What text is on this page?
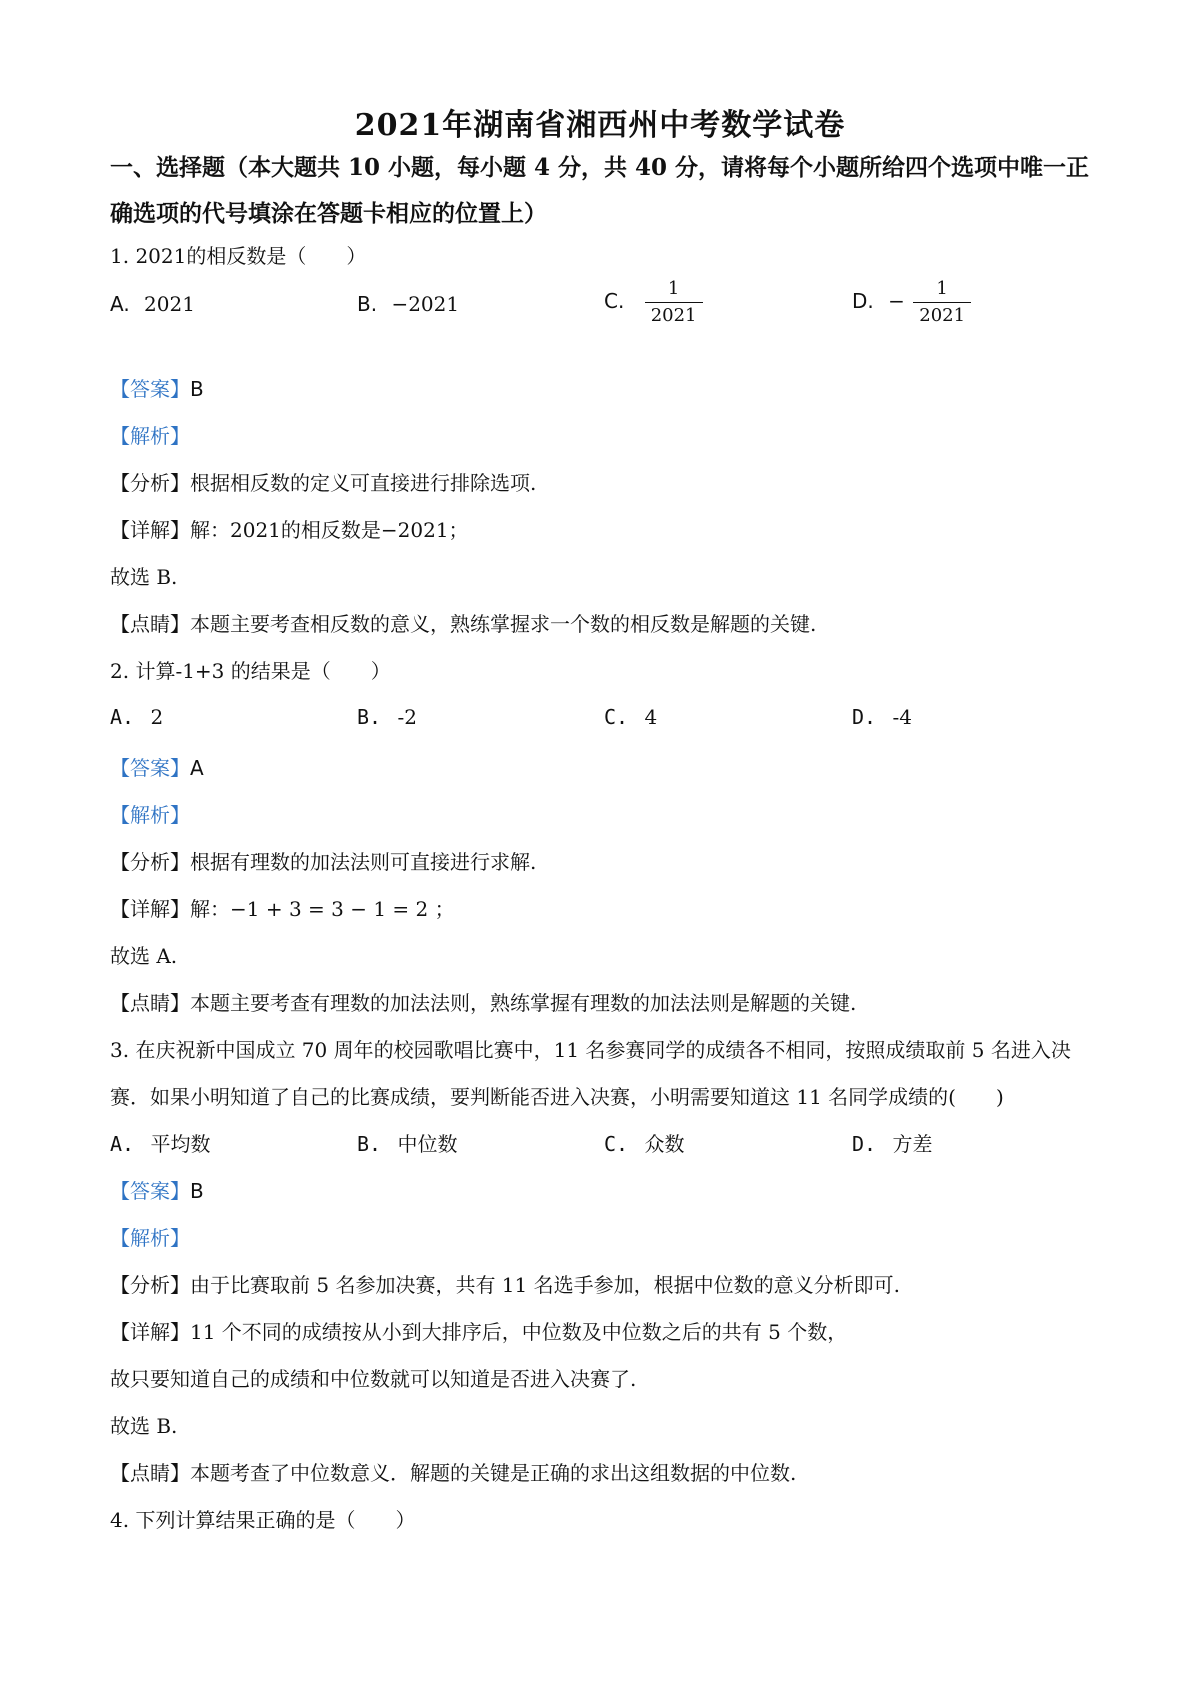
2021年湖南省湘西州中考数学试卷
一、选择题（本大题共 10 小题，每小题 4 分，共 40 分，请将每个小题所给四个选项中唯一正确选项的代号填涂在答题卡相应的位置上）
1. 2021的相反数是（　　）
A. 2021	B. −2021	C. $\frac{1}{2021}$	D. − $\frac{1}{2021}$
【答案】B
【解析】
【分析】根据相反数的定义可直接进行排除选项.
【详解】解：2021的相反数是−2021；
故选 B.
【点睛】本题主要考查相反数的意义，熟练掌握求一个数的相反数是解题的关键.
2. 计算-1+3 的结果是（　　）
A. 2	B. -2	C. 4	D. -4
【答案】A
【解析】
【分析】根据有理数的加法法则可直接进行求解.
【详解】解：−1 + 3 = 3 − 1 = 2 ；
故选 A.
【点睛】本题主要考查有理数的加法法则，熟练掌握有理数的加法法则是解题的关键.
3. 在庆祝新中国成立 70 周年的校园歌唱比赛中，11 名参赛同学的成绩各不相同，按照成绩取前 5 名进入决
赛．如果小明知道了自己的比赛成绩，要判断能否进入决赛，小明需要知道这 11 名同学成绩的(　　)
A. 平均数	B. 中位数	C. 众数	D. 方差
【答案】B
【解析】
【分析】由于比赛取前 5 名参加决赛，共有 11 名选手参加，根据中位数的意义分析即可.
【详解】11 个不同的成绩按从小到大排序后，中位数及中位数之后的共有 5 个数，
故只要知道自己的成绩和中位数就可以知道是否进入决赛了.
故选 B.
【点睛】本题考查了中位数意义．解题的关键是正确的求出这组数据的中位数.
4. 下列计算结果正确的是（　　）
